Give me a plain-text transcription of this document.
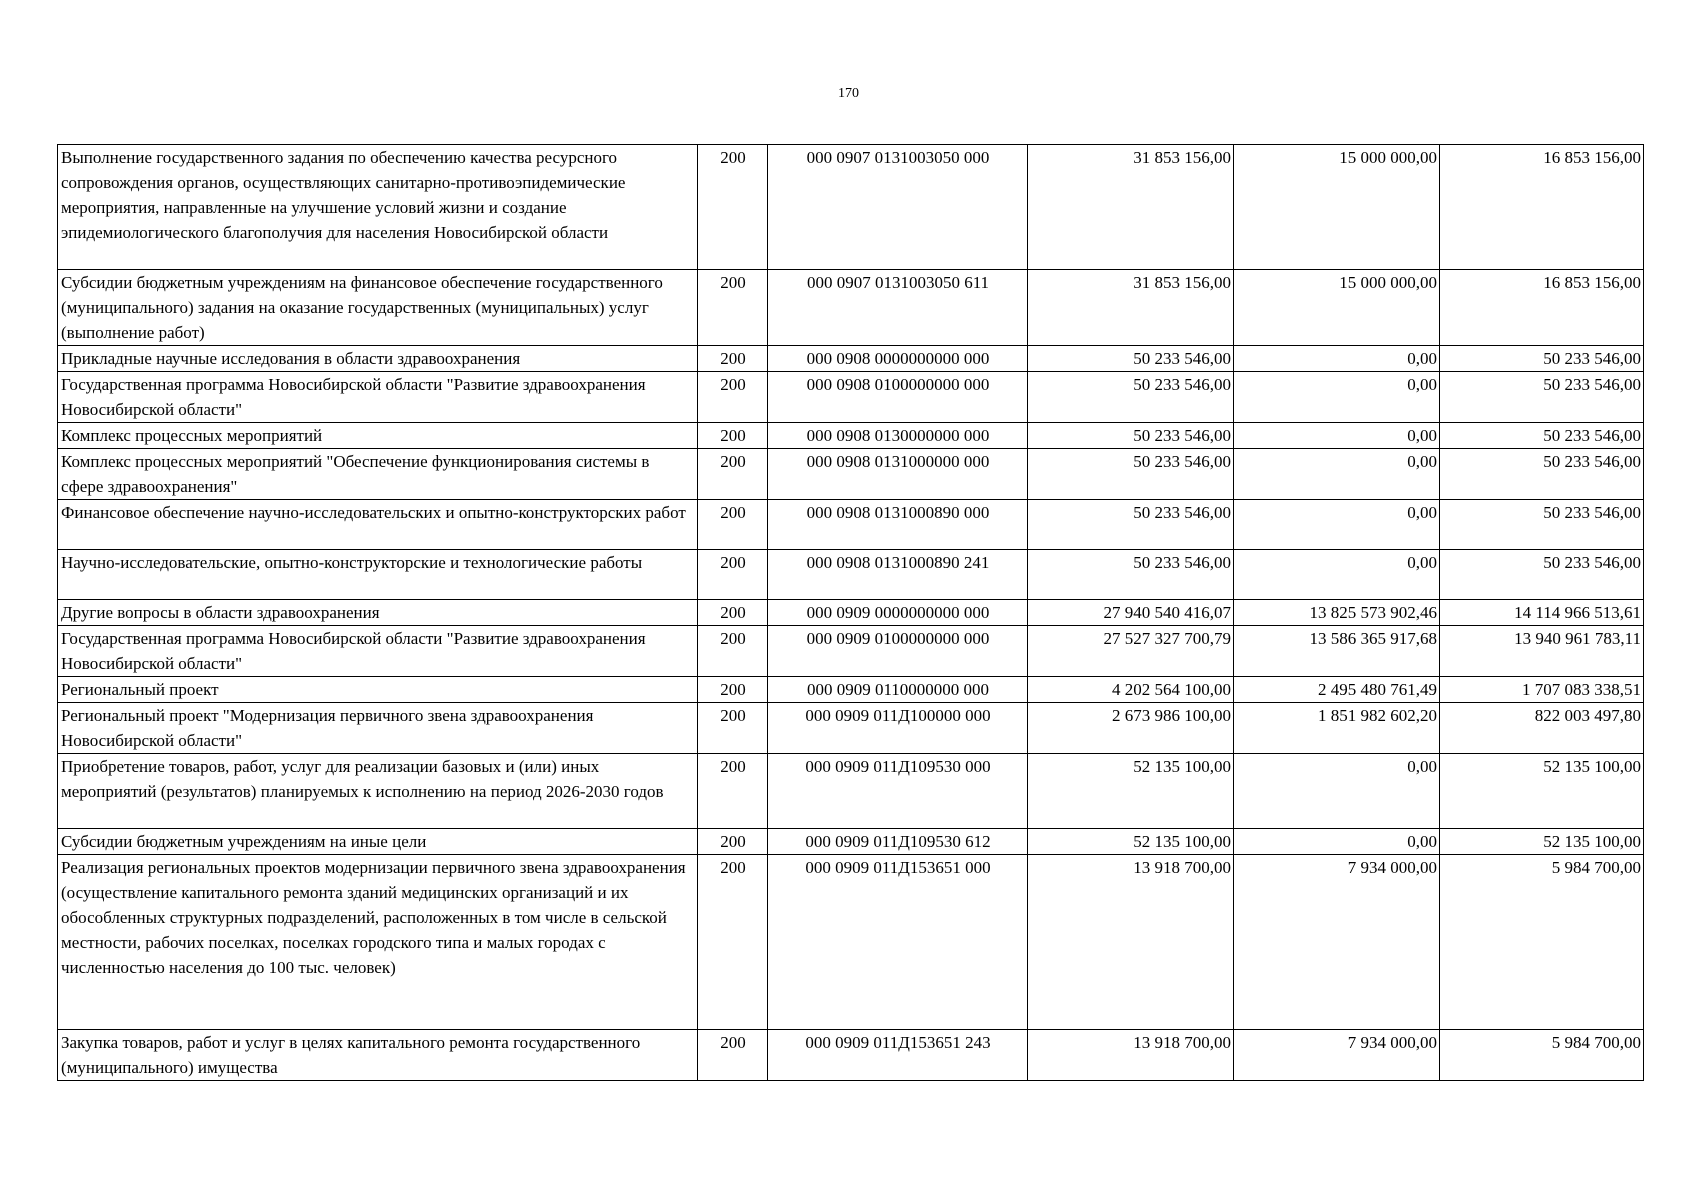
170
Выполнение государственного задания по обеспечению качества ресурсного сопровождения органов, осуществляющих санитарно-противоэпидемические мероприятия, направленные на улучшение условий жизни и создание эпидемиологического благополучия для населения Новосибирской области	200	000 0907 0131003050 000	31 853 156,00	15 000 000,00	16 853 156,00
Субсидии бюджетным учреждениям на финансовое обеспечение государственного (муниципального) задания на оказание государственных (муниципальных) услуг (выполнение работ)	200	000 0907 0131003050 611	31 853 156,00	15 000 000,00	16 853 156,00
Прикладные научные исследования в области здравоохранения	200	000 0908 0000000000 000	50 233 546,00	0,00	50 233 546,00
Государственная программа Новосибирской области "Развитие здравоохранения Новосибирской области"	200	000 0908 0100000000 000	50 233 546,00	0,00	50 233 546,00
Комплекс процессных мероприятий	200	000 0908 0130000000 000	50 233 546,00	0,00	50 233 546,00
Комплекс процессных мероприятий "Обеспечение функционирования системы в сфере здравоохранения"	200	000 0908 0131000000 000	50 233 546,00	0,00	50 233 546,00
Финансовое обеспечение научно-исследовательских и опытно-конструкторских работ	200	000 0908 0131000890 000	50 233 546,00	0,00	50 233 546,00
Научно-исследовательские, опытно-конструкторские и технологические работы	200	000 0908 0131000890 241	50 233 546,00	0,00	50 233 546,00
Другие вопросы в области здравоохранения	200	000 0909 0000000000 000	27 940 540 416,07	13 825 573 902,46	14 114 966 513,61
Государственная программа Новосибирской области "Развитие здравоохранения Новосибирской области"	200	000 0909 0100000000 000	27 527 327 700,79	13 586 365 917,68	13 940 961 783,11
Региональный проект	200	000 0909 0110000000 000	4 202 564 100,00	2 495 480 761,49	1 707 083 338,51
Региональный проект "Модернизация первичного звена здравоохранения Новосибирской области"	200	000 0909 011Д100000 000	2 673 986 100,00	1 851 982 602,20	822 003 497,80
Приобретение товаров, работ, услуг для реализации базовых и (или) иных мероприятий (результатов) планируемых к исполнению на период 2026-2030 годов	200	000 0909 011Д109530 000	52 135 100,00	0,00	52 135 100,00
Субсидии бюджетным учреждениям на иные цели	200	000 0909 011Д109530 612	52 135 100,00	0,00	52 135 100,00
Реализация региональных проектов модернизации первичного звена здравоохранения (осуществление капитального ремонта зданий медицинских организаций и их обособленных структурных подразделений, расположенных в том числе в сельской местности, рабочих поселках, поселках городского типа и малых городах с численностью населения до 100 тыс. человек)	200	000 0909 011Д153651 000	13 918 700,00	7 934 000,00	5 984 700,00
Закупка товаров, работ и услуг в целях капитального ремонта государственного (муниципального) имущества	200	000 0909 011Д153651 243	13 918 700,00	7 934 000,00	5 984 700,00
